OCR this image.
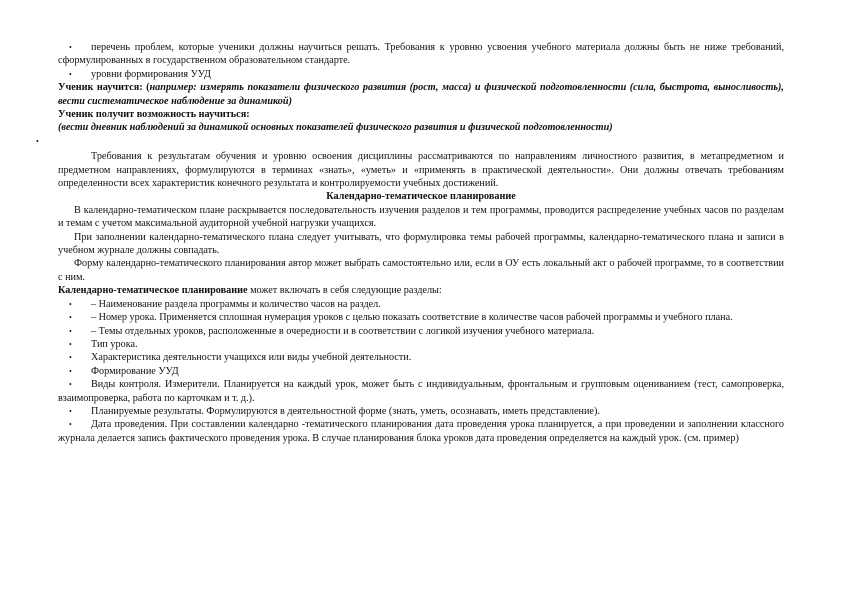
• перечень проблем, которые ученики должны научиться решать. Требования к уровню усвоения учебного материала должны быть не ниже требований, сформулированных в государственном образовательном стандарте.
• уровни формирования УУД
Ученик научится: (например: измерять показатели физического развития (рост, масса) и физической подготовленности (сила, быстрота, выносливость), вести систематическое наблюдение за динамикой)
Ученик получит возможность научиться:
(вести дневник наблюдений за динамикой основных показателей физического развития и физической подготовленности)
•
Требования к результатам обучения и уровню освоения дисциплины рассматриваются по направлениям личностного развития, в метапредметном и предметном направлениях, формулируются в терминах «знать», «уметь» и «применять в практической деятельности». Они должны отвечать требованиям определенности всех характеристик конечного результата и контролируемости учебных достижений.
Календарно-тематическое планирование
В календарно-тематическом плане раскрывается последовательность изучения разделов и тем программы, проводится распределение учебных часов по разделам и темам с учетом максимальной аудиторной учебной нагрузки учащихся.
При заполнении календарно-тематического плана следует учитывать, что формулировка темы рабочей программы, календарно-тематического плана и записи в учебном журнале должны совпадать.
Форму календарно-тематического планирования автор может выбрать самостоятельно или, если в ОУ есть локальный акт о рабочей программе, то в соответствии с ним.
Календарно-тематическое планирование может включать в себя следующие разделы:
• – Наименование раздела программы и количество часов на раздел.
• – Номер урока. Применяется сплошная нумерация уроков с целью показать соответствие в количестве часов рабочей программы и учебного плана.
• – Темы отдельных уроков, расположенные в очередности и в соответствии с логикой изучения учебного материала.
• Тип урока.
• Характеристика деятельности учащихся или виды учебной деятельности.
• Формирование УУД
• Виды контроля. Измерители. Планируется на каждый урок, может быть с индивидуальным, фронтальным и групповым оцениванием (тест, самопроверка, взаимопроверка, работа по карточкам и т. д.).
• Планируемые результаты. Формулируются в деятельностной форме (знать, уметь, осознавать, иметь представление).
• Дата проведения. При составлении календарно -тематического планирования дата проведения урока планируется, а при проведении и заполнении классного журнала делается запись фактического проведения урока. В случае планирования блока уроков дата проведения определяется на каждый урок. (см. пример)
